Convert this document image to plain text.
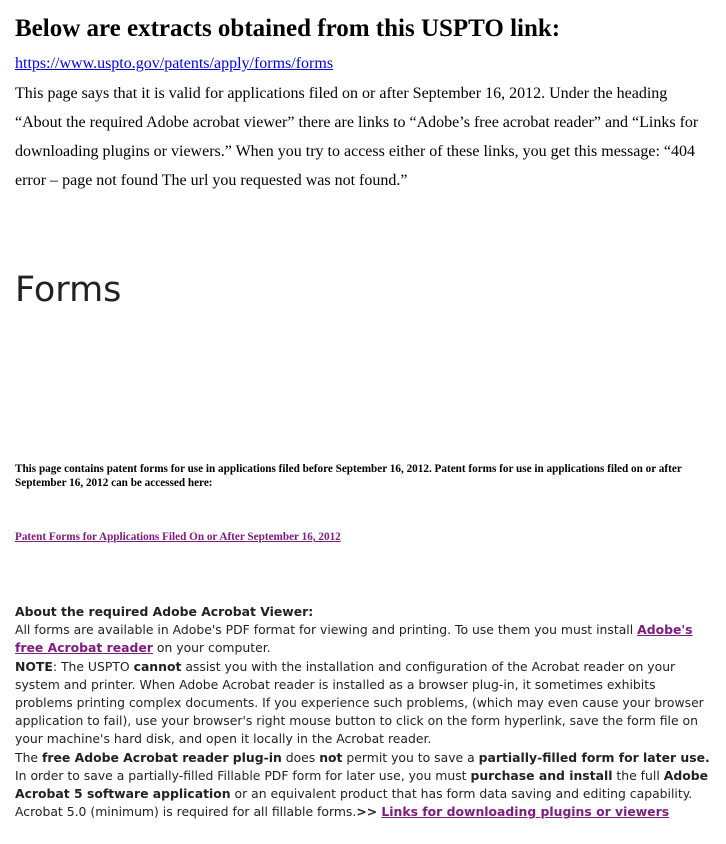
Below are extracts obtained from this USPTO link:
https://www.uspto.gov/patents/apply/forms/forms

This page says that it is valid for applications filed on or after September 16, 2012. Under the heading “About the required Adobe acrobat viewer” there are links to “Adobe’s free acrobat reader” and “Links for downloading plugins or viewers.” When you try to access either of these links, you get this message: “404 error – page not found The url you requested was not found.”

Forms

This page contains patent forms for use in applications filed before September 16, 2012. Patent forms for use in applications filed on or after September 16, 2012 can be accessed here:

Patent Forms for Applications Filed On or After September 16, 2012

About the required Adobe Acrobat Viewer:

All forms are available in Adobe's PDF format for viewing and printing. To use them you must install Adobe's free Acrobat reader on your computer.

NOTE: The USPTO cannot assist you with the installation and configuration of the Acrobat reader on your system and printer. When Adobe Acrobat reader is installed as a browser plug-in, it sometimes exhibits problems printing complex documents. If you experience such problems, (which may even cause your browser application to fail), use your browser's right mouse button to click on the form hyperlink, save the form file on your machine's hard disk, and open it locally in the Acrobat reader.

The free Adobe Acrobat reader plug-in does not permit you to save a partially-filled form for later use. In order to save a partially-filled Fillable PDF form for later use, you must purchase and install the full Adobe Acrobat 5 software application or an equivalent product that has form data saving and editing capability.

Acrobat 5.0 (minimum) is required for all fillable forms.>> Links for downloading plugins or viewers
